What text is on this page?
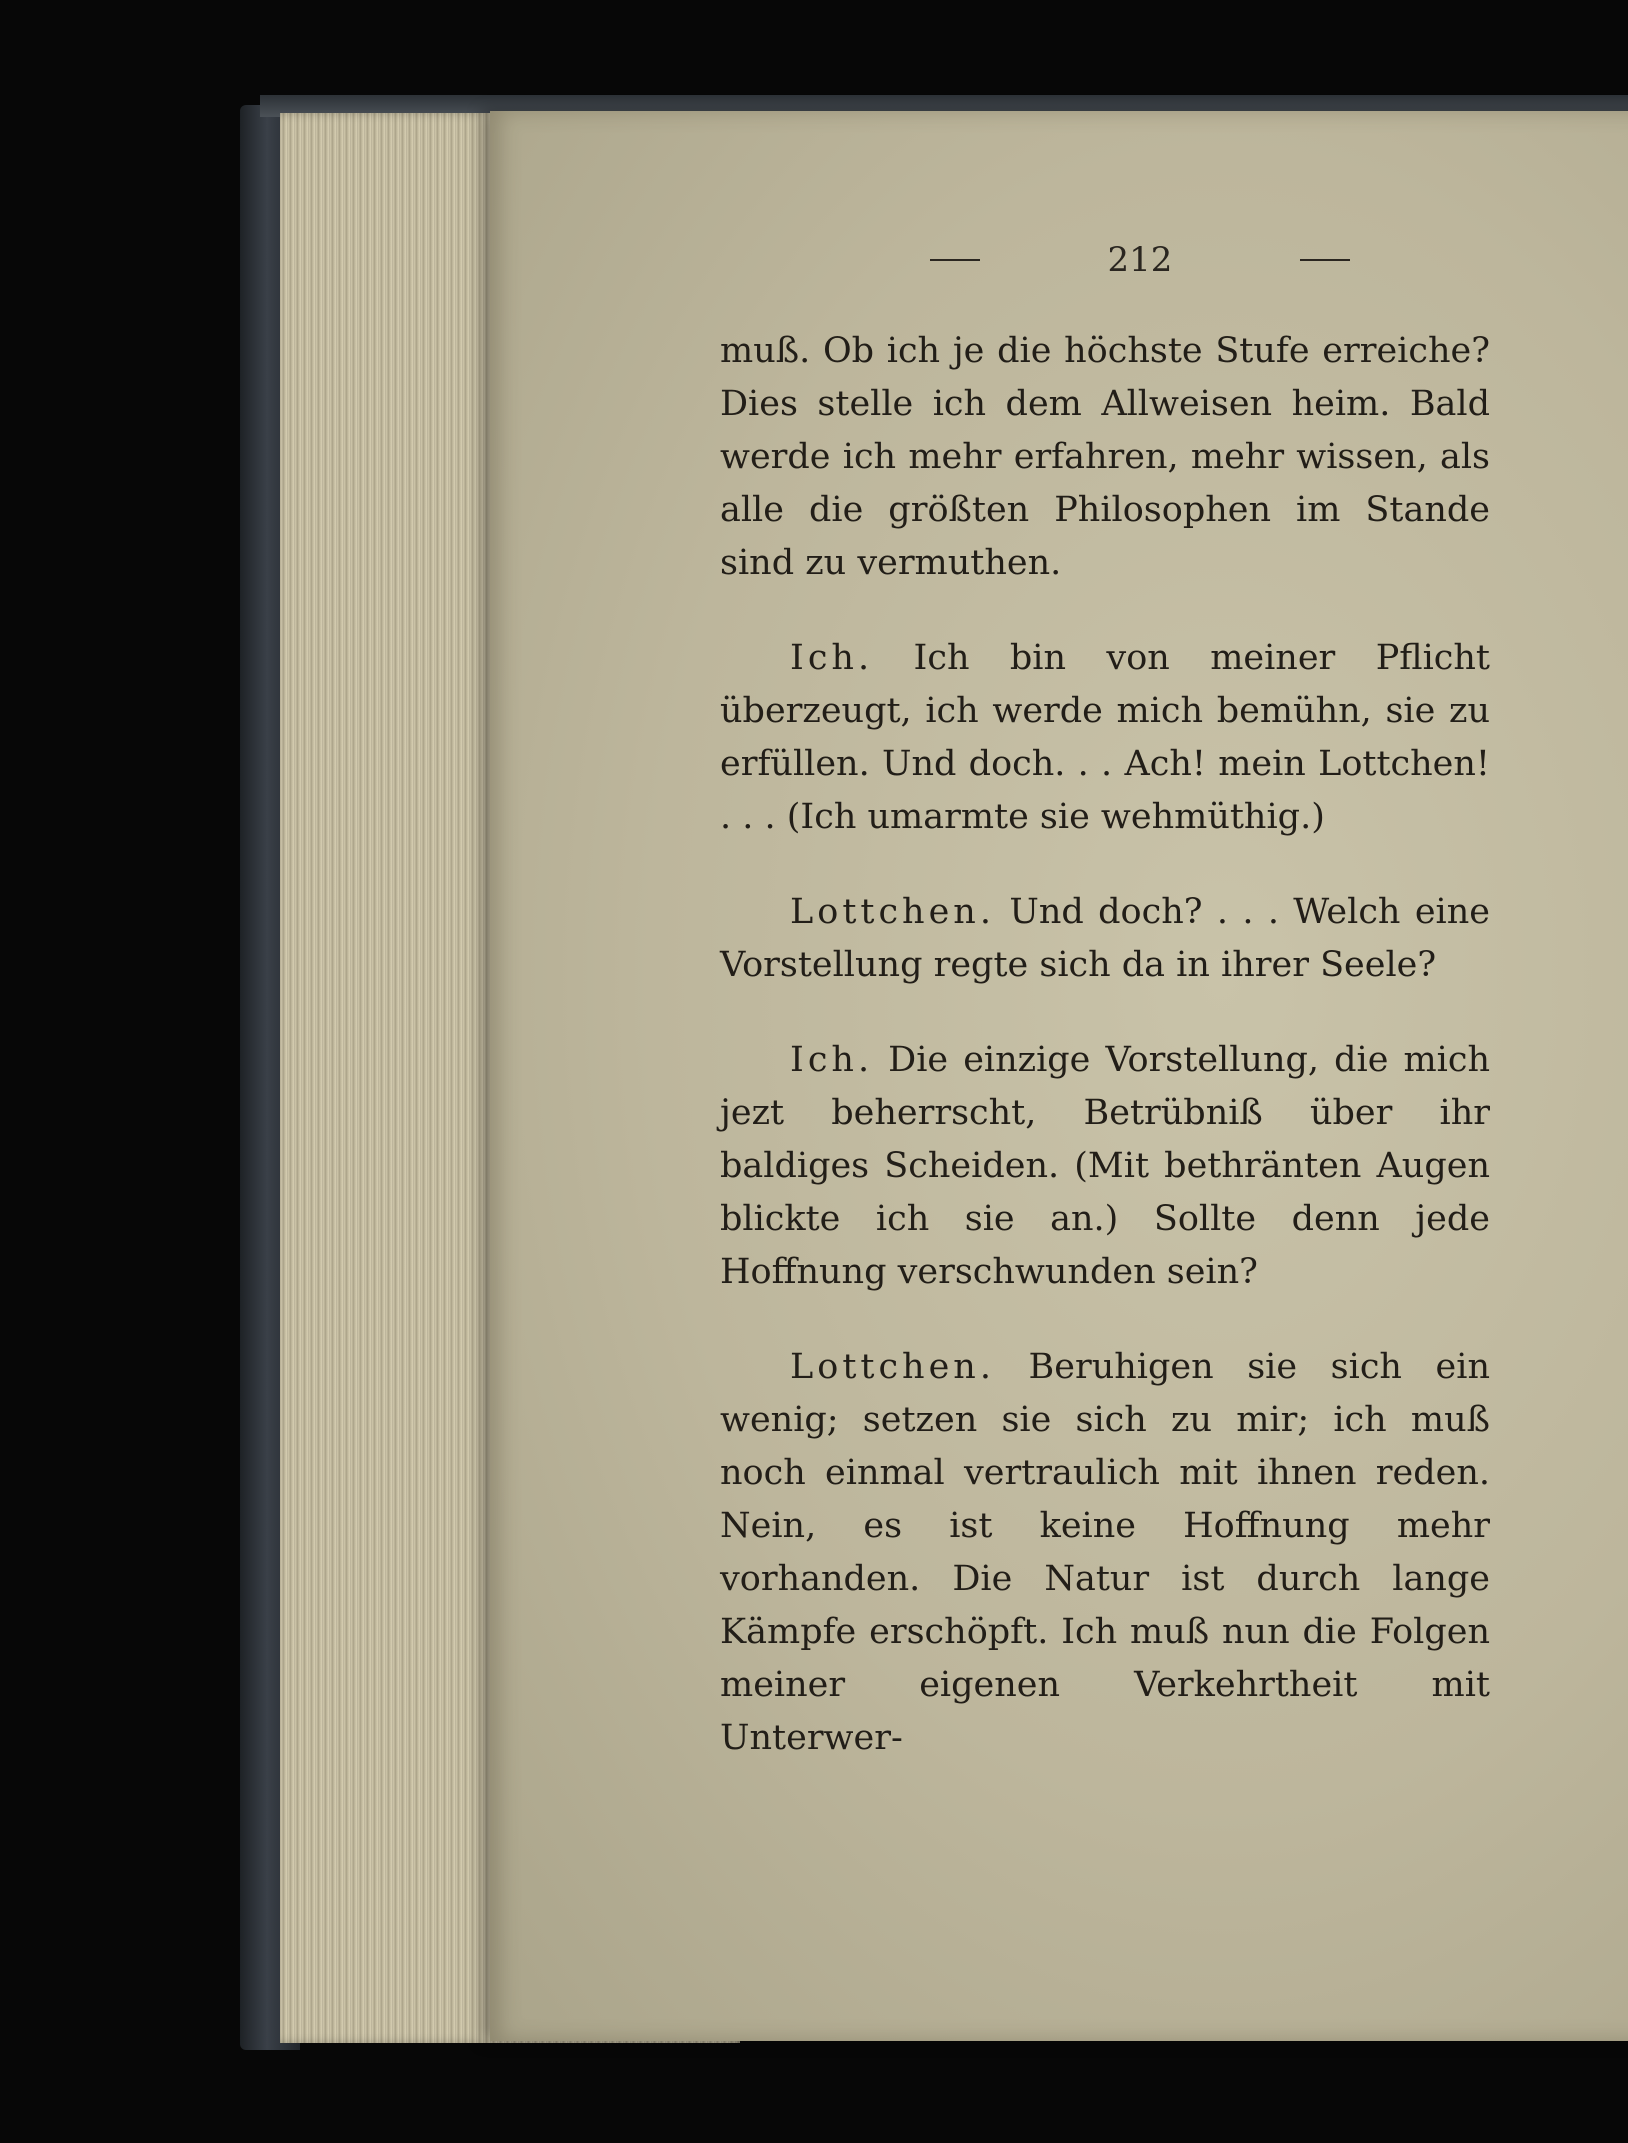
212

muß. Ob ich je die höchste Stufe erreiche? Dies stelle ich dem Allweisen heim. Bald werde ich mehr erfahren, mehr wissen, als alle die größten Philosophen im Stande sind zu vermuthen.

Ich. Ich bin von meiner Pflicht überzeugt, ich werde mich bemühn, sie zu erfüllen. Und doch. . . Ach! mein Lottchen! . . . (Ich umarmte sie wehmüthig.)

Lottchen. Und doch? . . . Welch eine Vorstellung regte sich da in ihrer Seele?

Ich. Die einzige Vorstellung, die mich jezt beherrscht, Betrübniß über ihr baldiges Scheiden. (Mit bethränten Augen blickte ich sie an.) Sollte denn jede Hoffnung verschwunden sein?

Lottchen. Beruhigen sie sich ein wenig; setzen sie sich zu mir; ich muß noch einmal vertraulich mit ihnen reden. Nein, es ist keine Hoffnung mehr vorhanden. Die Natur ist durch lange Kämpfe erschöpft. Ich muß nun die Folgen meiner eigenen Verkehrtheit mit Unterwer-
